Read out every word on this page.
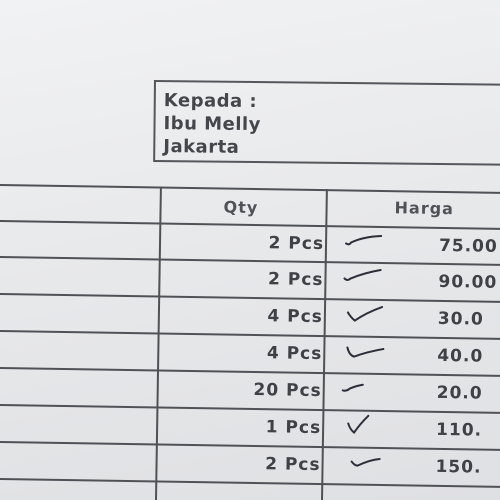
Kepada :
Ibu Melly
Jakarta
Qty	Harga
2 Pcs	75.00
2 Pcs	90.00
4 Pcs	30.0
4 Pcs	40.0
20 Pcs	20.0
1 Pcs	110.
2 Pcs	150.
